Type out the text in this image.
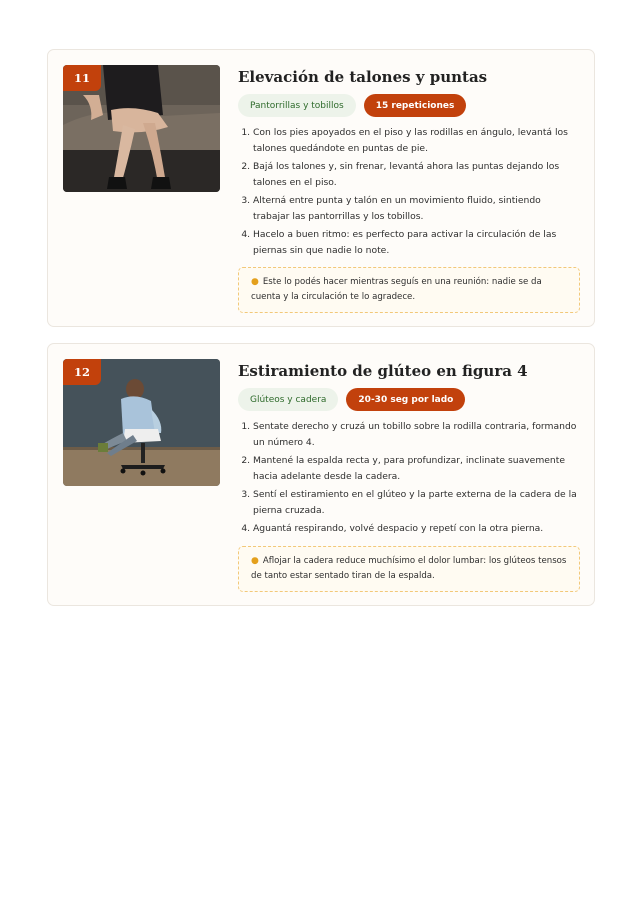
11	Elevación de talones y puntas
Pantorrillas y tobillos	15 repeticiones
1. Con los pies apoyados en el piso y las rodillas en ángulo, levantá los talones quedándote en puntas de pie.
2. Bajá los talones y, sin frenar, levantá ahora las puntas dejando los talones en el piso.
3. Alterná entre punta y talón en un movimiento fluido, sintiendo trabajar las pantorrillas y los tobillos.
4. Hacelo a buen ritmo: es perfecto para activar la circulación de las piernas sin que nadie lo note.
● Este lo podés hacer mientras seguís en una reunión: nadie se da cuenta y la circulación te lo agradece.
12	Estiramiento de glúteo en figura 4
Glúteos y cadera	20-30 seg por lado
1. Sentate derecho y cruzá un tobillo sobre la rodilla contraria, formando un número 4.
2. Mantené la espalda recta y, para profundizar, inclinate suavemente hacia adelante desde la cadera.
3. Sentí el estiramiento en el glúteo y la parte externa de la cadera de la pierna cruzada.
4. Aguantá respirando, volvé despacio y repetí con la otra pierna.
● Aflojar la cadera reduce muchísimo el dolor lumbar: los glúteos tensos de tanto estar sentado tiran de la espalda.
